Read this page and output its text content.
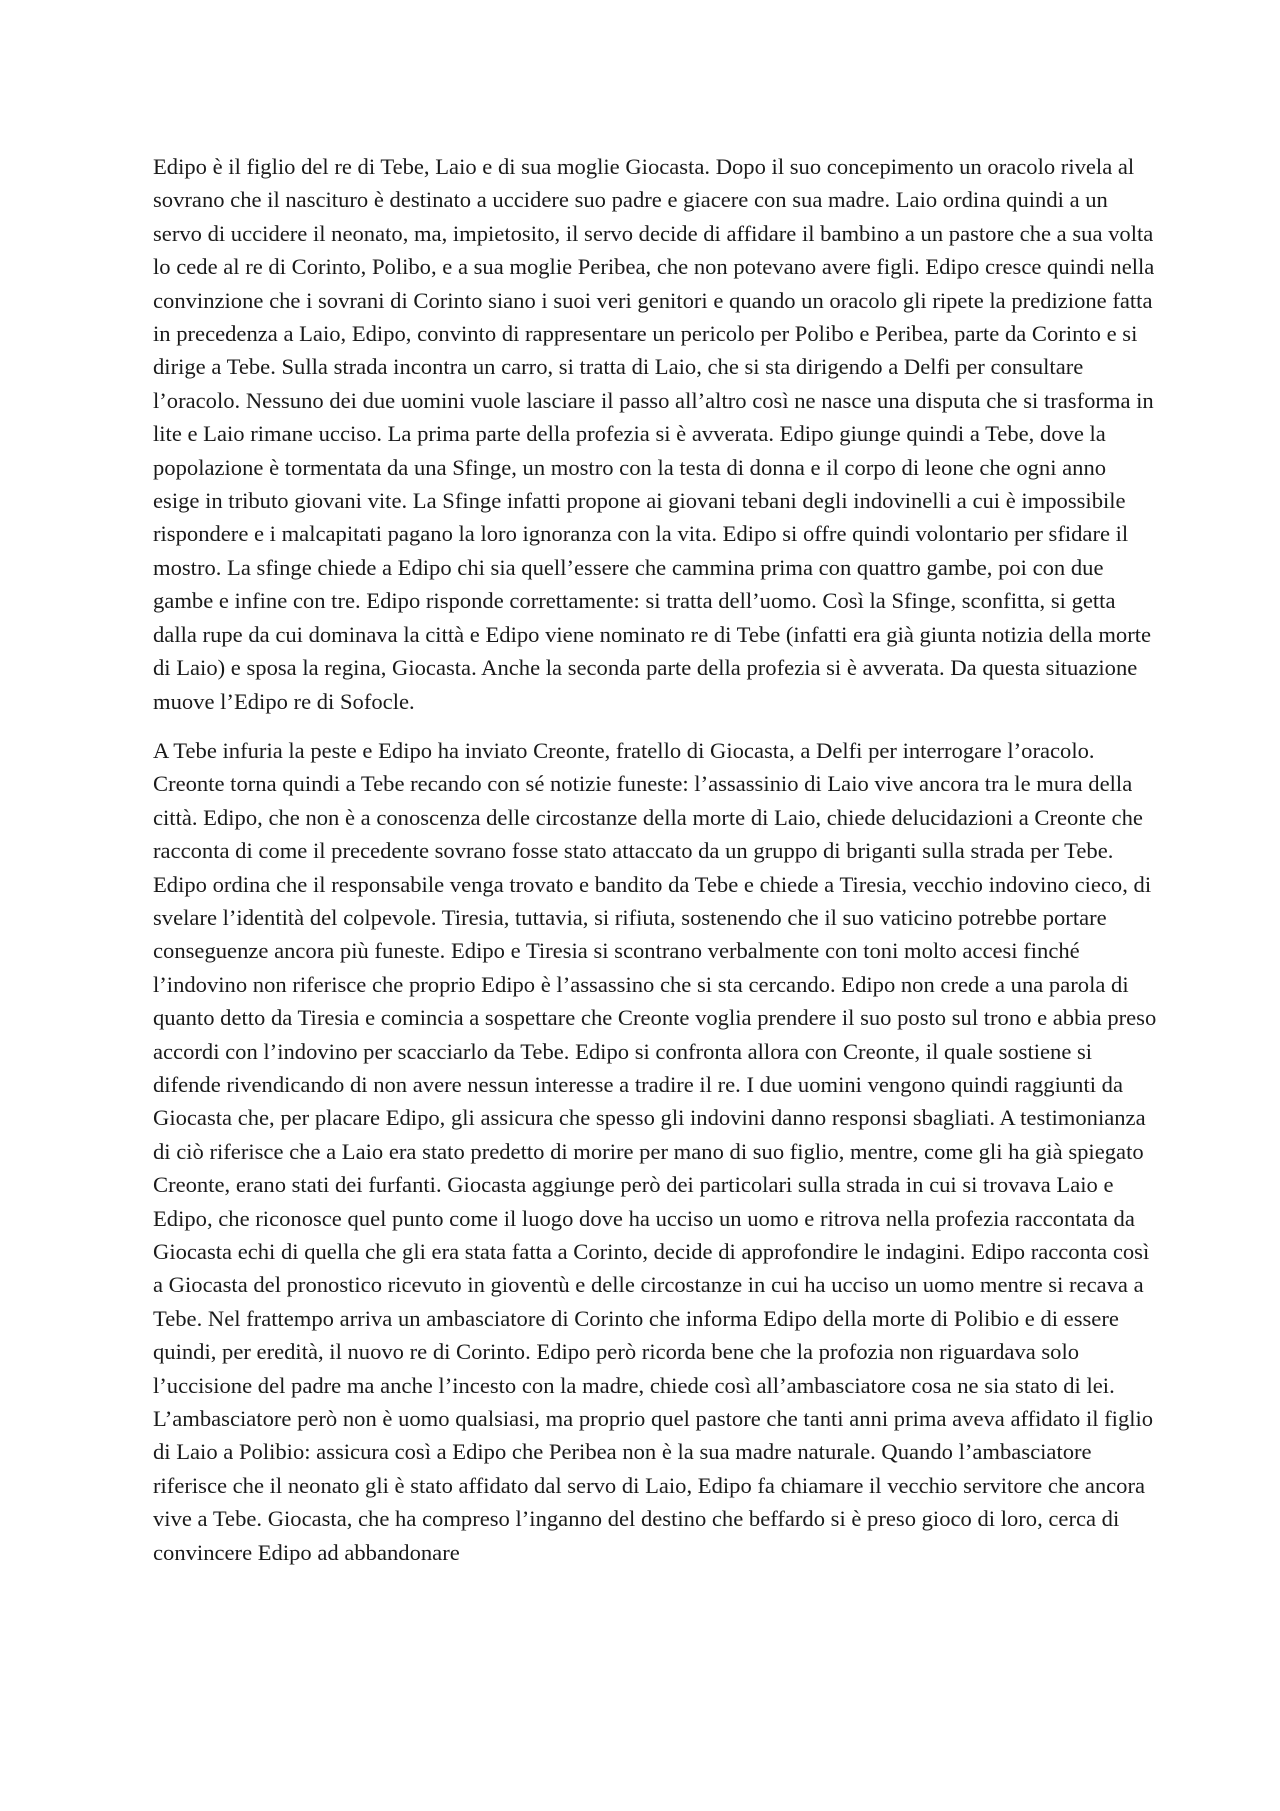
Edipo è il figlio del re di Tebe, Laio e di sua moglie Giocasta. Dopo il suo concepimento un oracolo rivela al sovrano che il nascituro è destinato a uccidere suo padre e giacere con sua madre. Laio ordina quindi a un servo di uccidere il neonato, ma, impietosito, il servo decide di affidare il bambino a un pastore che a sua volta lo cede al re di Corinto, Polibo, e a sua moglie Peribea, che non potevano avere figli. Edipo cresce quindi nella convinzione che i sovrani di Corinto siano i suoi veri genitori e quando un oracolo gli ripete la predizione fatta in precedenza a Laio, Edipo, convinto di rappresentare un pericolo per Polibo e Peribea, parte da Corinto e si dirige a Tebe. Sulla strada incontra un carro, si tratta di Laio, che si sta dirigendo a Delfi per consultare l’oracolo. Nessuno dei due uomini vuole lasciare il passo all’altro così ne nasce una disputa che si trasforma in lite e Laio rimane ucciso. La prima parte della profezia si è avverata. Edipo giunge quindi a Tebe, dove la popolazione è tormentata da una Sfinge, un mostro con la testa di donna e il corpo di leone che ogni anno esige in tributo giovani vite. La Sfinge infatti propone ai giovani tebani degli indovinelli a cui è impossibile rispondere e i malcapitati pagano la loro ignoranza con la vita. Edipo si offre quindi volontario per sfidare il mostro. La sfinge chiede a Edipo chi sia quell’essere che cammina prima con quattro gambe, poi con due gambe e infine con tre. Edipo risponde correttamente: si tratta dell’uomo. Così la Sfinge, sconfitta, si getta dalla rupe da cui dominava la città e Edipo viene nominato re di Tebe (infatti era già giunta notizia della morte di Laio) e sposa la regina, Giocasta. Anche la seconda parte della profezia si è avverata. Da questa situazione muove l’Edipo re di Sofocle.

A Tebe infuria la peste e Edipo ha inviato Creonte, fratello di Giocasta, a Delfi per interrogare l’oracolo. Creonte torna quindi a Tebe recando con sé notizie funeste: l’assassinio di Laio vive ancora tra le mura della città. Edipo, che non è a conoscenza delle circostanze della morte di Laio, chiede delucidazioni a Creonte che racconta di come il precedente sovrano fosse stato attaccato da un gruppo di briganti sulla strada per Tebe. Edipo ordina che il responsabile venga trovato e bandito da Tebe e chiede a Tiresia, vecchio indovino cieco, di svelare l’identità del colpevole. Tiresia, tuttavia, si rifiuta, sostenendo che il suo vaticino potrebbe portare conseguenze ancora più funeste. Edipo e Tiresia si scontrano verbalmente con toni molto accesi finché l’indovino non riferisce che proprio Edipo è l’assassino che si sta cercando. Edipo non crede a una parola di quanto detto da Tiresia e comincia a sospettare che Creonte voglia prendere il suo posto sul trono e abbia preso accordi con l’indovino per scacciarlo da Tebe. Edipo si confronta allora con Creonte, il quale sostiene si difende rivendicando di non avere nessun interesse a tradire il re. I due uomini vengono quindi raggiunti da Giocasta che, per placare Edipo, gli assicura che spesso gli indovini danno responsi sbagliati. A testimonianza di ciò riferisce che a Laio era stato predetto di morire per mano di suo figlio, mentre, come gli ha già spiegato Creonte, erano stati dei furfanti. Giocasta aggiunge però dei particolari sulla strada in cui si trovava Laio e Edipo, che riconosce quel punto come il luogo dove ha ucciso un uomo e ritrova nella profezia raccontata da Giocasta echi di quella che gli era stata fatta a Corinto, decide di approfondire le indagini. Edipo racconta così a Giocasta del pronostico ricevuto in gioventù e delle circostanze in cui ha ucciso un uomo mentre si recava a Tebe. Nel frattempo arriva un ambasciatore di Corinto che informa Edipo della morte di Polibio e di essere quindi, per eredità, il nuovo re di Corinto. Edipo però ricorda bene che la profozia non riguardava solo l’uccisione del padre ma anche l’incesto con la madre, chiede così all’ambasciatore cosa ne sia stato di lei. L’ambasciatore però non è uomo qualsiasi, ma proprio quel pastore che tanti anni prima aveva affidato il figlio di Laio a Polibio: assicura così a Edipo che Peribea non è la sua madre naturale. Quando l’ambasciatore riferisce che il neonato gli è stato affidato dal servo di Laio, Edipo fa chiamare il vecchio servitore che ancora vive a Tebe. Giocasta, che ha compreso l’inganno del destino che beffardo si è preso gioco di loro, cerca di convincere Edipo ad abbandonare
